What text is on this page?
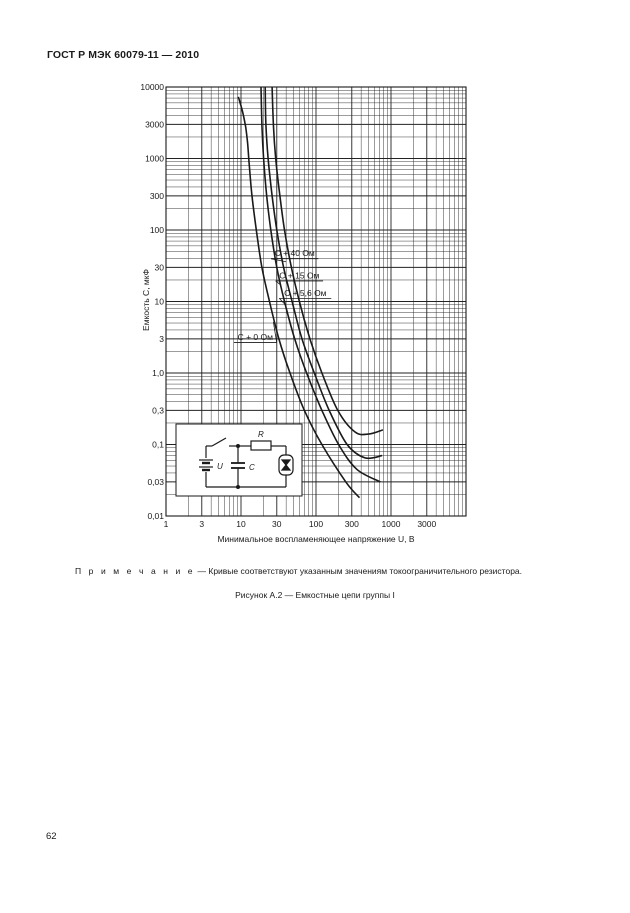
ГОСТ Р МЭК 60079-11 — 2010
C + 0 Ом
C + 5,6 Ом
C + 15 Ом
C + 40 Ом
1	3	10	30	100	300	1000 3000
10000
3000
1000
300
100
30
10
3
1,0
0,3
0,1
0,03
0,01
Минимальное воспламеняющее напряжение U, В
Емкость C, мкФ
U
R
C
П р и м е ч а н и е — Кривые соответствуют указанным значениям токоограничительного резистора.
Рисунок А.2 — Емкостные цепи группы I
62
